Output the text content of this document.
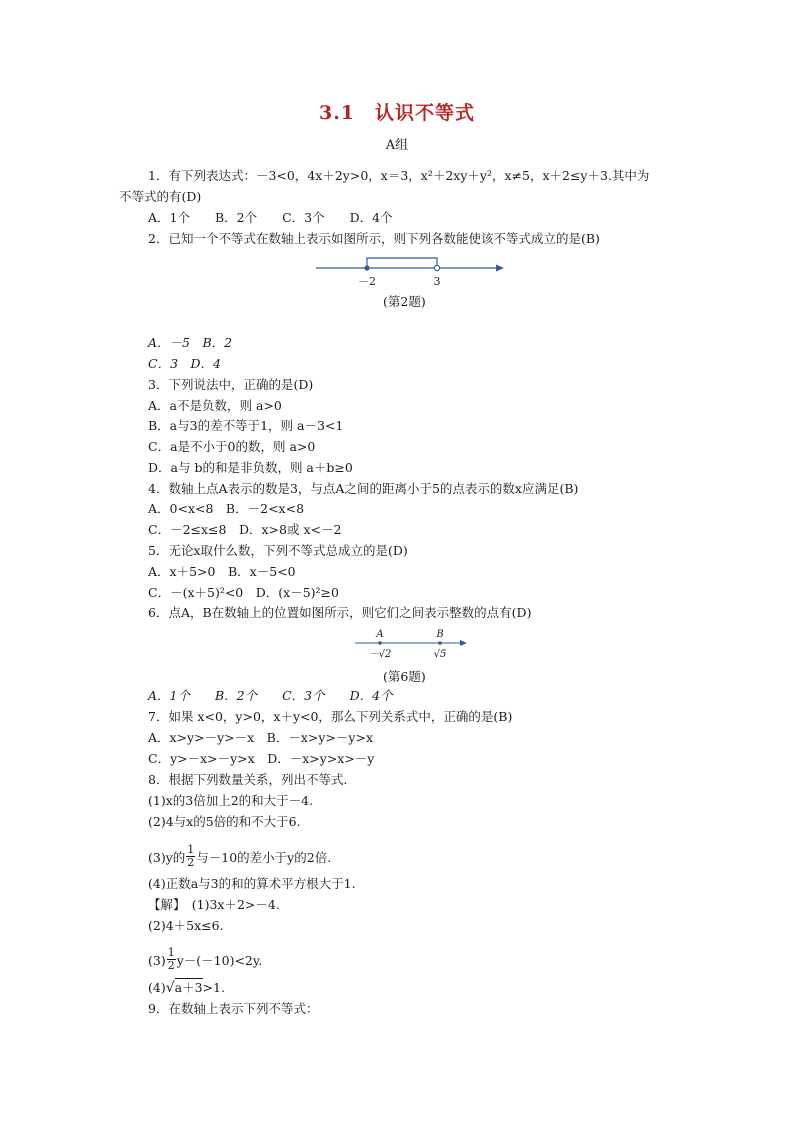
3.1　认识不等式
A组
1．有下列表达式：－3<0，4x＋2y>0，x＝3，x²＋2xy＋y²，x≠5，x＋2≤y＋3.其中为
不等式的有(D)
A．1个　　B．2个　　C．3个　　D．4个
2．已知一个不等式在数轴上表示如图所示，则下列各数能使该不等式成立的是(B)
－2	3
(第2题)
A．－5　B．2
C．3　D．4
3．下列说法中，正确的是(D)
A．a不是负数，则 a>0
B．a与3的差不等于1，则 a－3<1
C．a是不小于0的数，则 a>0
D．a与 b的和是非负数，则 a＋b≥0
4．数轴上点A表示的数是3，与点A之间的距离小于5的点表示的数x应满足(B)
A．0<x<8　B．－2<x<8
C．－2≤x≤8　D．x>8或 x<－2
5．无论x取什么数，下列不等式总成立的是(D)
A．x＋5>0　B．x－5<0
C．－(x＋5)²<0　D．(x－5)²≥0
6．点A，B在数轴上的位置如图所示，则它们之间表示整数的点有(D)
A	B
－√2	√5
(第6题)
A．1个　　B．2个　　C．3个　　D．4个
7．如果 x<0，y>0，x＋y<0，那么下列关系式中，正确的是(B)
A．x>y>－y>－x　B．－x>y>－y>x
C．y>－x>－y>x　D．－x>y>x>－y
8．根据下列数量关系，列出不等式．
(1)x的3倍加上2的和大于－4.
(2)4与x的5倍的和不大于6.
(3)y的 $\frac{1}{2}$ 与－10的差小于y的2倍.
(4)正数a与3的和的算术平方根大于1.
【解】　(1)3x＋2>－4.
(2)4＋5x≤6.
$(3) \frac{1}{2} y-(-10)<2y$.
(4)√a＋3>1.
9．在数轴上表示下列不等式：
